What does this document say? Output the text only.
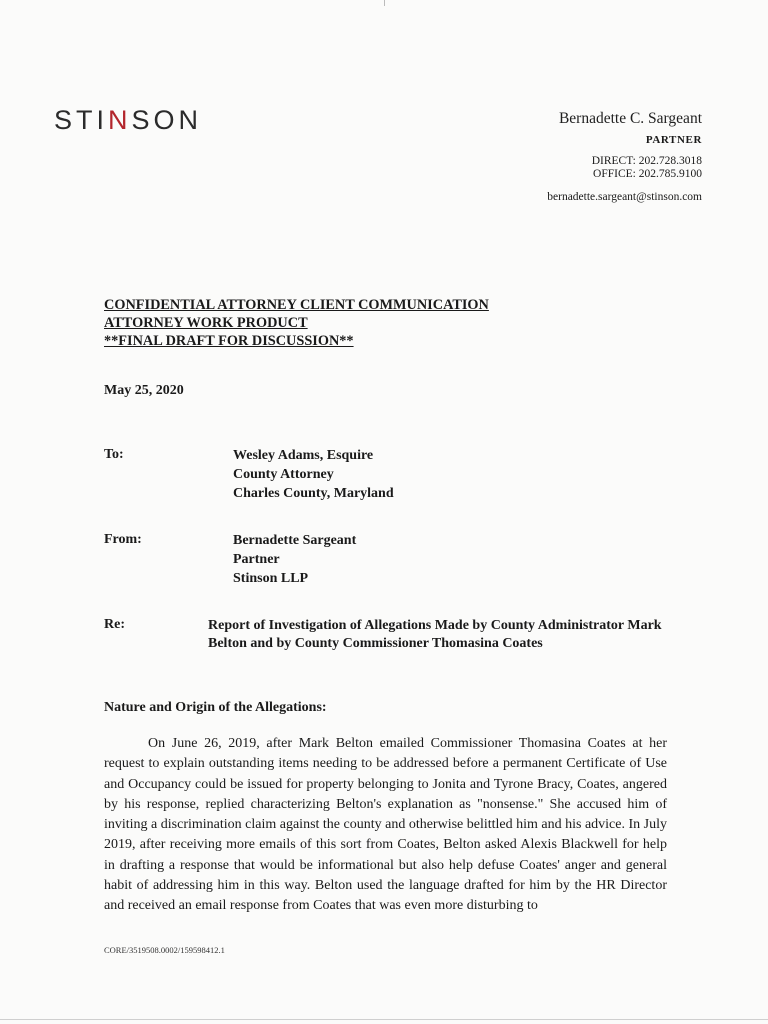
STINSON	Bernadette C. Sargeant
PARTNER
DIRECT: 202.728.3018
OFFICE: 202.785.9100
bernadette.sargeant@stinson.com
CONFIDENTIAL ATTORNEY CLIENT COMMUNICATION
ATTORNEY WORK PRODUCT
**FINAL DRAFT FOR DISCUSSION**
May 25, 2020
To:	Wesley Adams, Esquire
County Attorney
Charles County, Maryland
From:	Bernadette Sargeant
Partner
Stinson LLP
Re:	Report of Investigation of Allegations Made by County Administrator Mark Belton and by County Commissioner Thomasina Coates
Nature and Origin of the Allegations:
On June 26, 2019, after Mark Belton emailed Commissioner Thomasina Coates at her request to explain outstanding items needing to be addressed before a permanent Certificate of Use and Occupancy could be issued for property belonging to Jonita and Tyrone Bracy, Coates, angered by his response, replied characterizing Belton's explanation as "nonsense." She accused him of inviting a discrimination claim against the county and otherwise belittled him and his advice. In July 2019, after receiving more emails of this sort from Coates, Belton asked Alexis Blackwell for help in drafting a response that would be informational but also help defuse Coates' anger and general habit of addressing him in this way. Belton used the language drafted for him by the HR Director and received an email response from Coates that was even more disturbing to
CORE/3519508.0002/159598412.1
